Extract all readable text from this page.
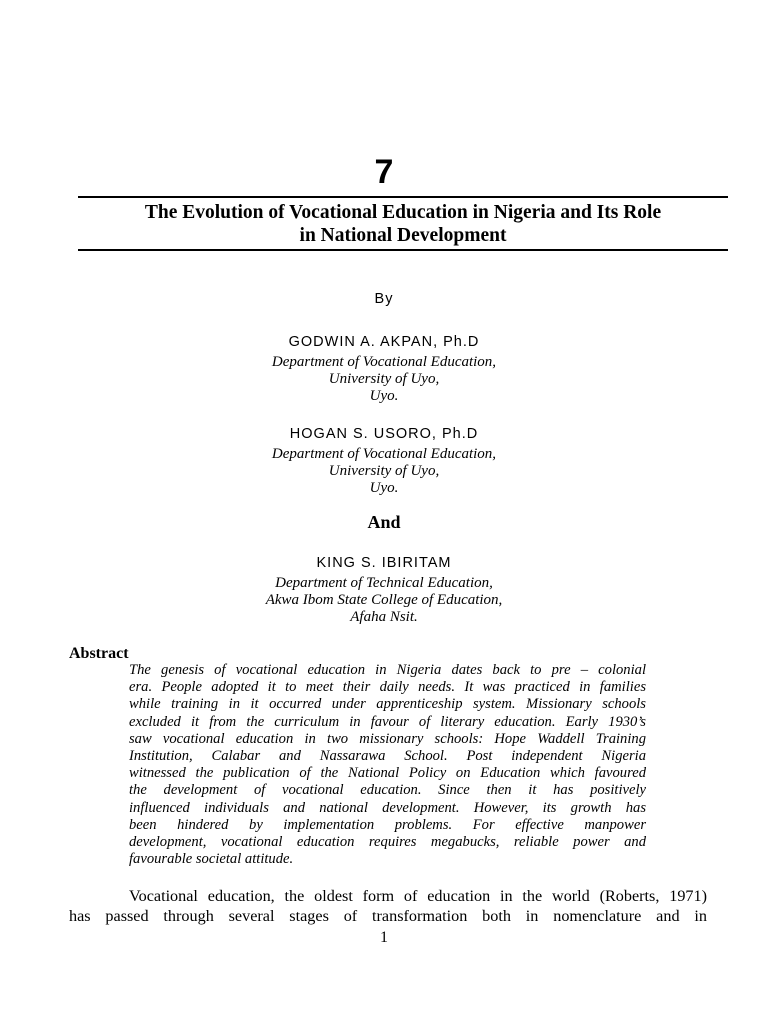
7
The Evolution of Vocational Education in Nigeria and Its Role
in National Development
By
GODWIN A. AKPAN, Ph.D
Department of Vocational Education,
University of Uyo,
Uyo.
HOGAN S. USORO, Ph.D
Department of Vocational Education,
University of Uyo,
Uyo.
And
KING S. IBIRITAM
Department of Technical Education,
Akwa Ibom State College of Education,
Afaha Nsit.
Abstract

The genesis of vocational education in Nigeria dates back to pre – colonial
era. People adopted it to meet their daily needs. It was practiced in families
while training in it occurred under apprenticeship system. Missionary schools
excluded it from the curriculum in favour of literary education. Early 1930’s
saw vocational education in two missionary schools: Hope Waddell Training
Institution, Calabar and Nassarawa School. Post independent Nigeria
witnessed the publication of the National Policy on Education which favoured
the development of vocational education. Since then it has positively
influenced individuals and national development. However, its growth has
been hindered by implementation problems. For effective manpower
development, vocational education requires megabucks, reliable power and
favourable societal attitude.

Vocational education, the oldest form of education in the world (Roberts, 1971)
has passed through several stages of transformation both in nomenclature and in

1
